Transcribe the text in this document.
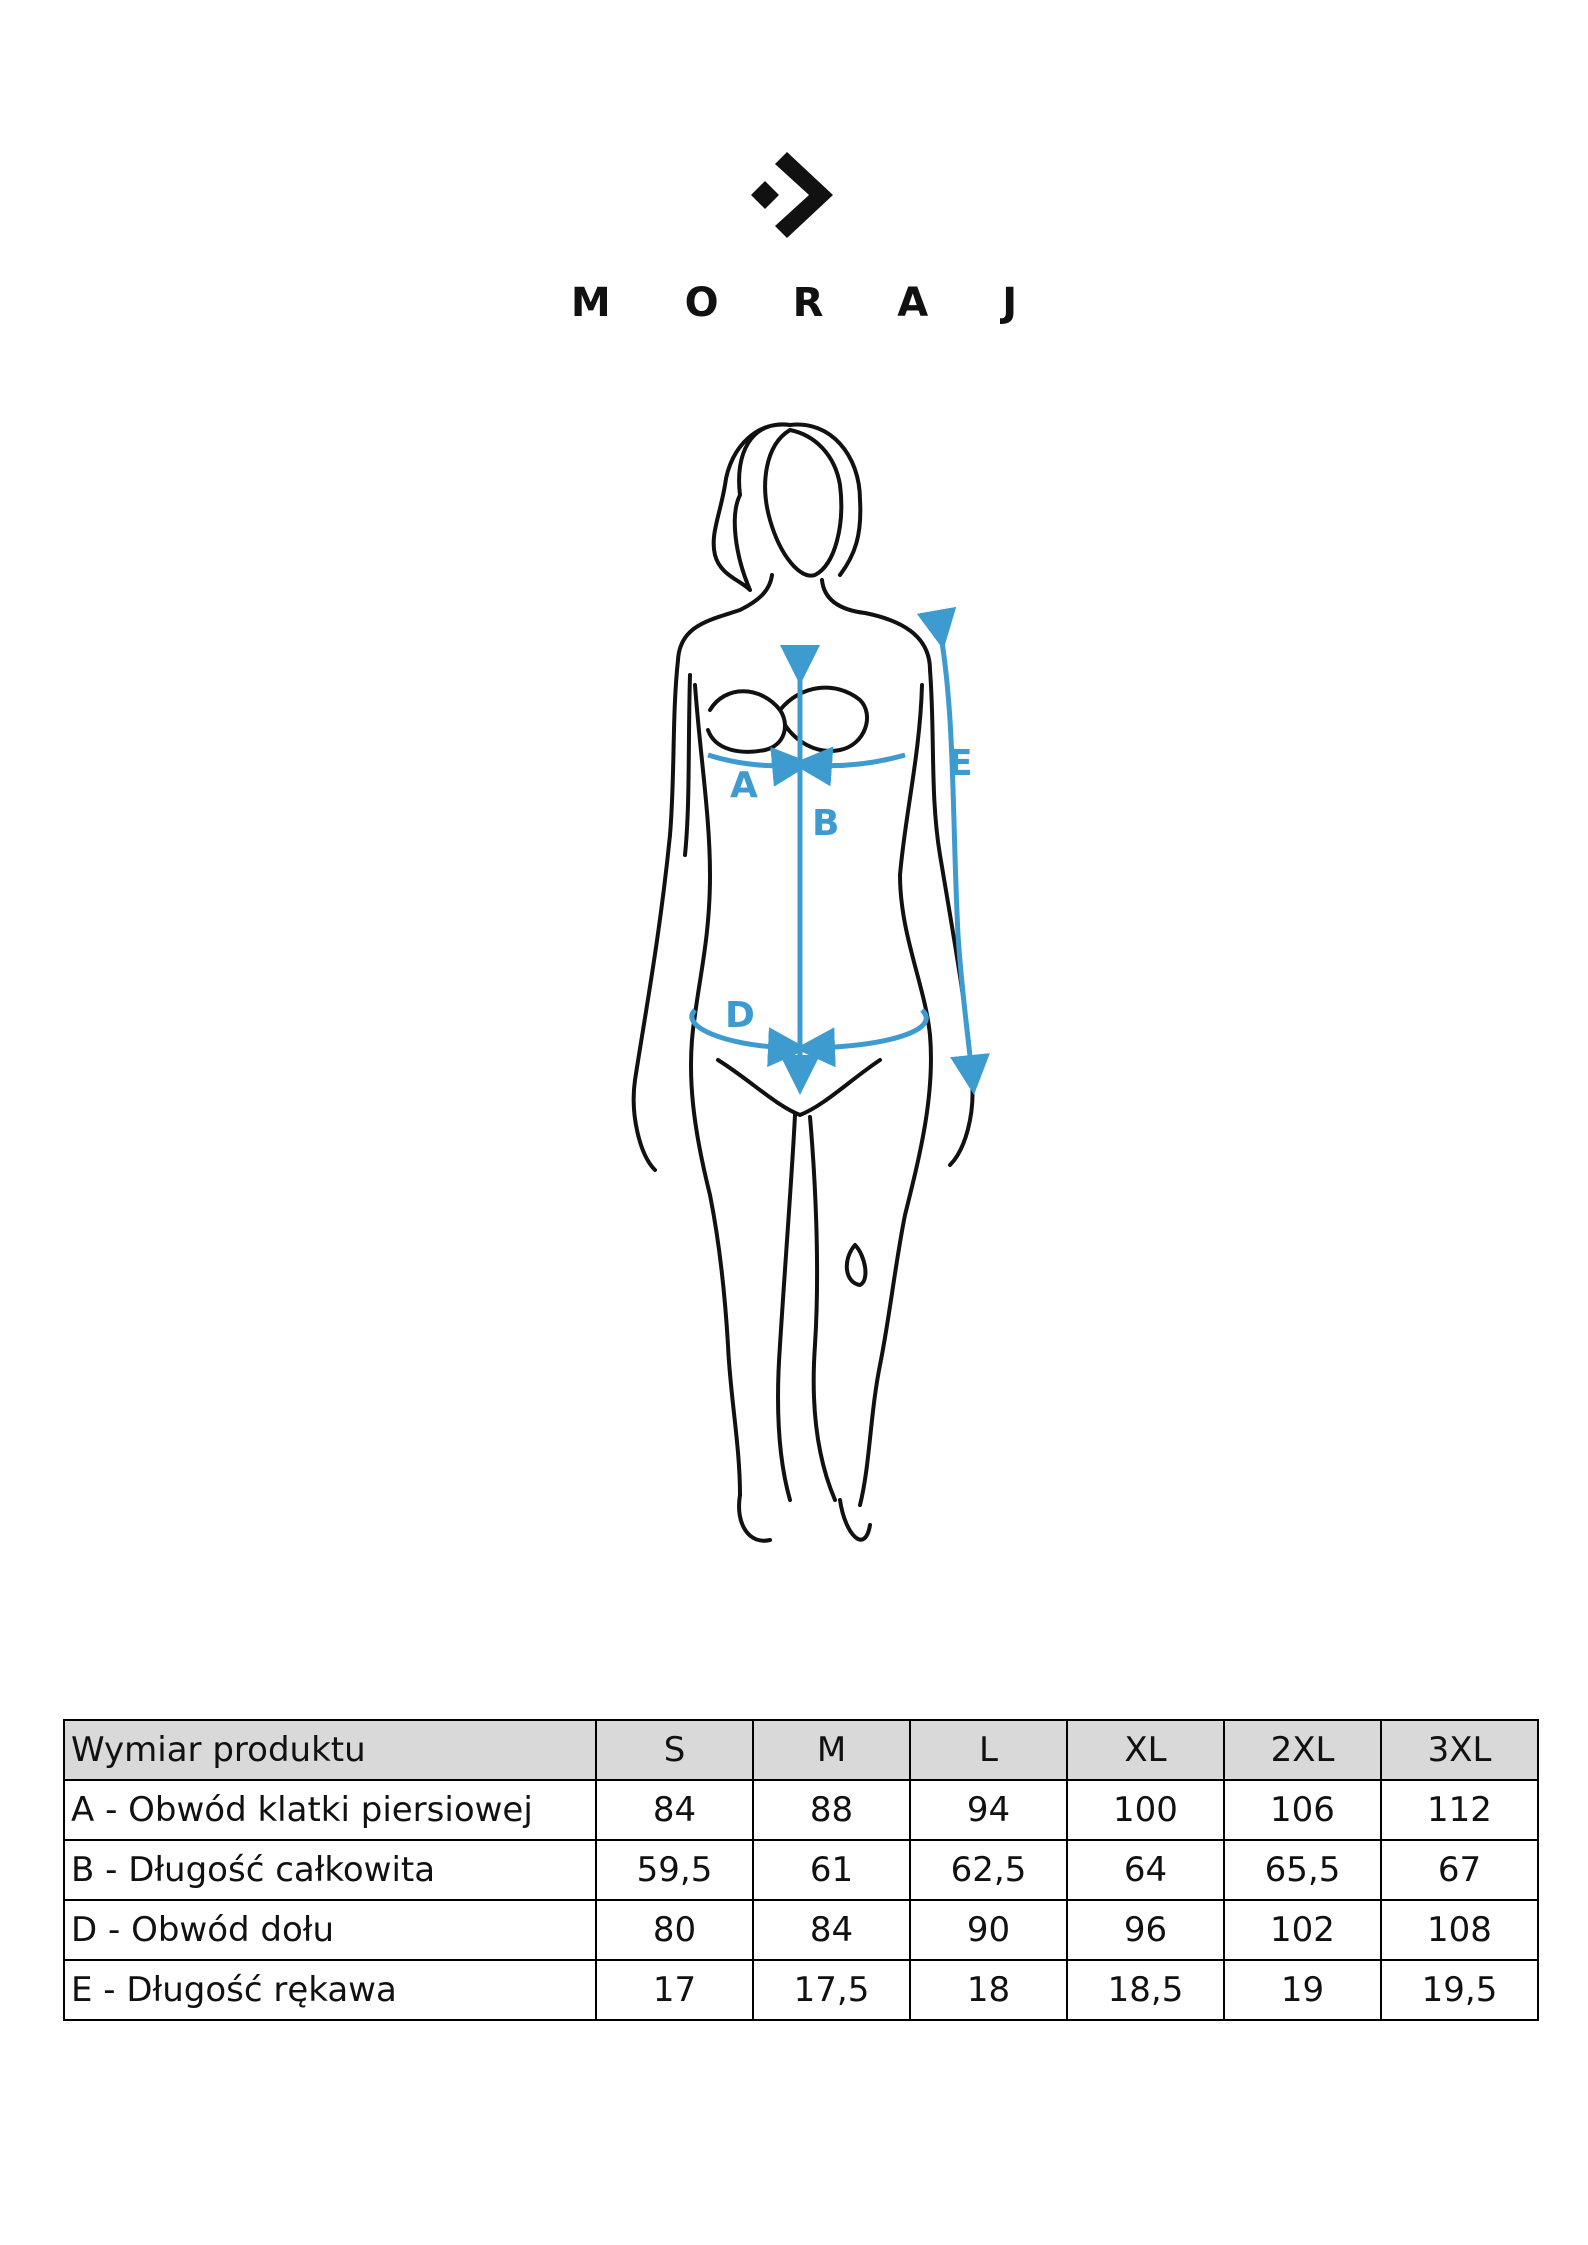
M O R A J
A
B
D
E
Wymiar produktu	S	M	L	XL	2XL	3XL
A - Obwód klatki piersiowej	84	88	94	100	106	112
B - Długość całkowita	59,5	61	62,5	64	65,5	67
D - Obwód dołu	80	84	90	96	102	108
E - Długość rękawa	17	17,5	18	18,5	19	19,5
